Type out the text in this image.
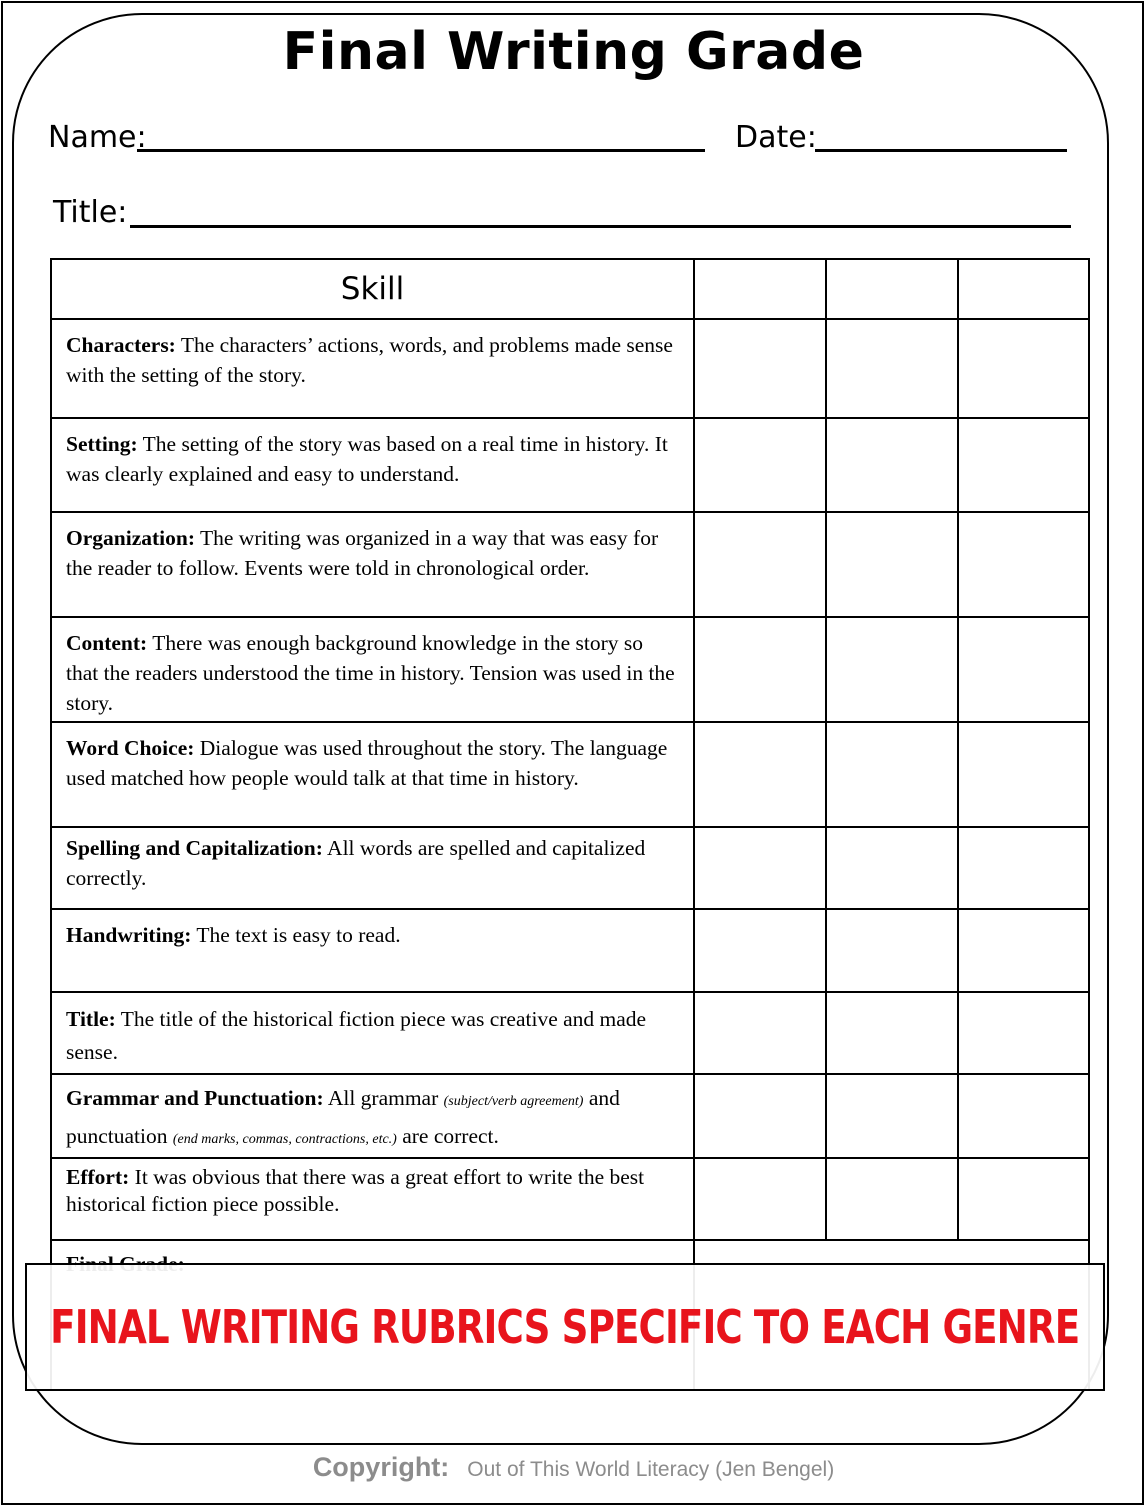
Final Writing Grade
Name:	Date:
Title:
Skill			
Characters: The characters’ actions, words, and problems made sense with the setting of the story.			
Setting: The setting of the story was based on a real time in history. It was clearly explained and easy to understand.			
Organization: The writing was organized in a way that was easy for the reader to follow. Events were told in chronological order.			
Content: There was enough background knowledge in the story so that the readers understood the time in history. Tension was used in the story.			
Word Choice: Dialogue was used throughout the story. The language used matched how people would talk at that time in history.			
Spelling and Capitalization: All words are spelled and capitalized correctly.			
Handwriting: The text is easy to read.			
Title: The title of the historical fiction piece was creative and made sense.			
Grammar and Punctuation: All grammar (subject/verb agreement) and punctuation (end marks, commas, contractions, etc.) are correct.			
Effort: It was obvious that there was a great effort to write the best historical fiction piece possible.			

FINAL WRITING RUBRICS SPECIFIC TO EACH GENRE
Copyright: Out of This World Literacy (Jen Bengel)
